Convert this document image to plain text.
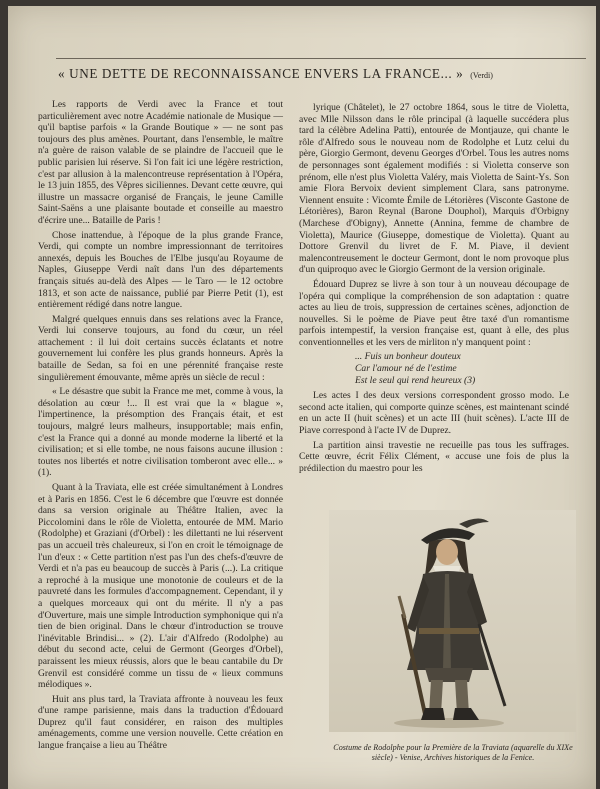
« UNE DETTE DE RECONNAISSANCE ENVERS LA FRANCE... » (Verdi)

Les rapports de Verdi avec la France et tout particulièrement avec notre Académie nationale de Musique — qu'il baptise parfois « la Grande Boutique » — ne sont pas toujours des plus amènes. Pourtant, dans l'ensemble, le maître n'a guère de raison valable de se plaindre de l'accueil que le public parisien lui réserve. Si l'on fait ici une légère restriction, c'est par allusion à la malencontreuse représentation à l'Opéra, le 13 juin 1855, des Vêpres siciliennes. Devant cette œuvre, qui illustre un massacre organisé de Français, le jeune Camille Saint-Saëns a une plaisante boutade et conseille au maestro d'écrire une... Bataille de Paris !

Chose inattendue, à l'époque de la plus grande France, Verdi, qui compte un nombre impressionnant de territoires annexés, depuis les Bouches de l'Elbe jusqu'au Royaume de Naples, Giuseppe Verdi naît dans l'un des départements français situés au-delà des Alpes — le Taro — le 12 octobre 1813, et son acte de naissance, publié par Pierre Petit (1), est entièrement rédigé dans notre langue.

Malgré quelques ennuis dans ses relations avec la France, Verdi lui conserve toujours, au fond du cœur, un réel attachement : il lui doit certains succès éclatants et notre gouvernement lui confère les plus grands honneurs. Après la bataille de Sedan, sa foi en une pérennité française reste singulièrement émouvante, même après un siècle de recul :

« Le désastre que subit la France me met, comme à vous, la désolation au cœur !... Il est vrai que la « blague », l'impertinence, la présomption des Français était, et est toujours, malgré leurs malheurs, insupportable; mais enfin, c'est la France qui a donné au monde moderne la liberté et la civilisation; et si elle tombe, ne nous faisons aucune illusion : toutes nos libertés et notre civilisation tomberont avec elle... » (1).

Quant à la Traviata, elle est créée simultanément à Londres et à Paris en 1856. C'est le 6 décembre que l'œuvre est donnée dans sa version originale au Théâtre Italien, avec la Piccolomini dans le rôle de Violetta, entourée de MM. Mario (Rodolphe) et Graziani (d'Orbel) : les dilettanti ne lui réservent pas un accueil très chaleureux, si l'on en croit le témoignage de l'un d'eux : « Cette partition n'est pas l'un des chefs-d'œuvre de Verdi et n'a pas eu beaucoup de succès à Paris (...). La critique a reproché à la musique une monotonie de couleurs et de la pauvreté dans les formules d'accompagnement. Cependant, il y a quelques morceaux qui ont du mérite. Il n'y a pas d'Ouverture, mais une simple Introduction symphonique qui n'a tien de bien original. Dans le chœur d'introduction se trouve l'inévitable Brindisi... » (2). L'air d'Alfredo (Rodolphe) au début du second acte, celui de Germont (Georges d'Orbel), paraissent les mieux réussis, alors que le beau cantabile du Dr Grenvil est considéré comme un tissu de « lieux communs mélodiques ».

Huit ans plus tard, la Traviata affronte à nouveau les feux d'une rampe parisienne, mais dans la traduction d'Édouard Duprez qu'il faut considérer, en raison des multiples aménagements, comme une version nouvelle. Cette création en langue française a lieu au Théâtre

lyrique (Châtelet), le 27 octobre 1864, sous le titre de Violetta, avec Mlle Nilsson dans le rôle principal (à laquelle succédera plus tard la célèbre Adelina Patti), entourée de Montjauze, qui chante le rôle d'Alfredo sous le nouveau nom de Rodolphe et Lutz celui du père, Giorgio Germont, devenu Georges d'Orbel. Tous les autres noms de personnages sont également modifiés : si Violetta conserve son prénom, elle n'est plus Violetta Valéry, mais Violetta de Saint-Ys. Son amie Flora Bervoix devient simplement Clara, sans patronyme. Viennent ensuite : Vicomte Émile de Létorières (Visconte Gastone de Létorières), Baron Reynal (Barone Douphol), Marquis d'Orbigny (Marchese d'Obigny), Annette (Annina, femme de chambre de Violetta), Maurice (Giuseppe, domestique de Violetta). Quant au Dottore Grenvil du livret de F. M. Piave, il devient malencontreusement le docteur Germont, dont le nom provoque plus d'un quiproquo avec le Giorgio Germont de la version originale.

Édouard Duprez se livre à son tour à un nouveau découpage de l'opéra qui complique la compréhension de son adaptation : quatre actes au lieu de trois, suppression de certaines scènes, adjonction de nouvelles. Si le poème de Piave peut être taxé d'un romantisme parfois intempestif, la version française est, quant à elle, des plus conventionnelles et les vers de mirliton n'y manquent point :

... Fuis un bonheur douteux
Car l'amour né de l'estime
Est le seul qui rend heureux (3)

Les actes I des deux versions correspondent grosso modo. Le second acte italien, qui comporte quinze scènes, est maintenant scindé en un acte II (huit scènes) et un acte III (huit scènes). L'acte III de Piave correspond à l'acte IV de Duprez.

La partition ainsi travestie ne recueille pas tous les suffrages. Cette œuvre, écrit Félix Clément, « accuse une fois de plus la prédilection du maestro pour les

Costume de Rodolphe pour la Première de la Traviata (aquarelle du XIXe siècle) - Venise, Archives historiques de la Fenice.
